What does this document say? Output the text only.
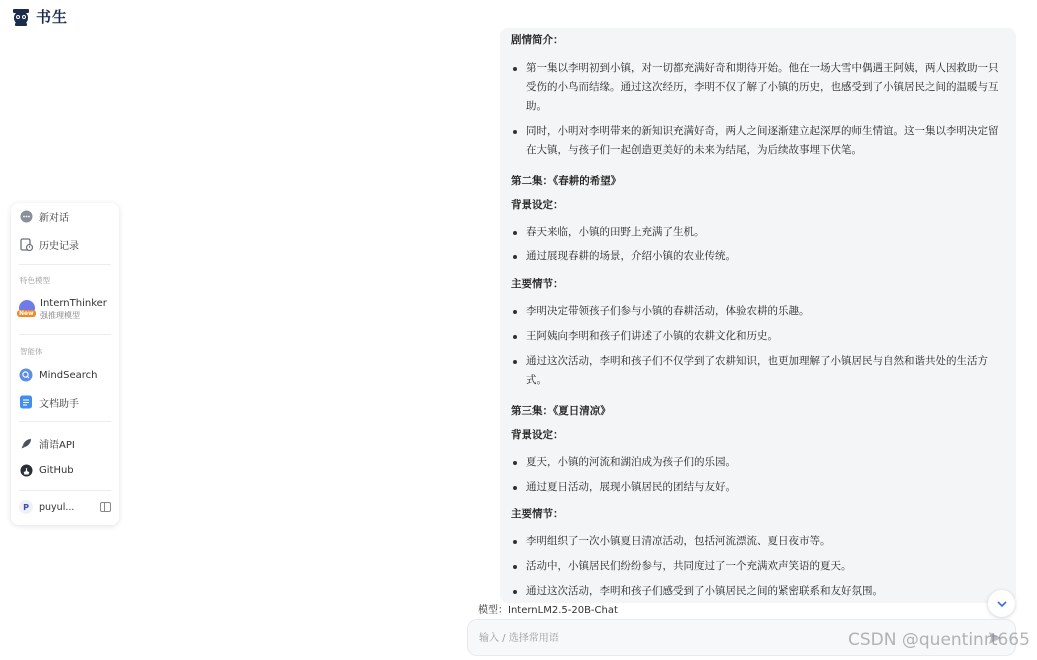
书生
新对话
历史记录
特色模型
New
InternThinker
强推理模型
智能体
MindSearch
文档助手
浦语API
GitHub
P	puyul...
剧情简介：
第一集以李明初到小镇，对一切都充满好奇和期待开始。他在一场大雪中偶遇王阿姨，两人因救助一只受伤的小鸟而结缘。通过这次经历，李明不仅了解了小镇的历史，也感受到了小镇居民之间的温暖与互助。
同时，小明对李明带来的新知识充满好奇，两人之间逐渐建立起深厚的师生情谊。这一集以李明决定留在大镇，与孩子们一起创造更美好的未来为结尾，为后续故事埋下伏笔。
第二集：《春耕的希望》
背景设定：
春天来临，小镇的田野上充满了生机。
通过展现春耕的场景，介绍小镇的农业传统。
主要情节：
李明决定带领孩子们参与小镇的春耕活动，体验农耕的乐趣。
王阿姨向李明和孩子们讲述了小镇的农耕文化和历史。
通过这次活动，李明和孩子们不仅学到了农耕知识，也更加理解了小镇居民与自然和谐共处的生活方式。
第三集：《夏日清凉》
背景设定：
夏天，小镇的河流和湖泊成为孩子们的乐园。
通过夏日活动，展现小镇居民的团结与友好。
主要情节：
李明组织了一次小镇夏日清凉活动，包括河流漂流、夏日夜市等。
活动中，小镇居民们纷纷参与，共同度过了一个充满欢声笑语的夏天。
通过这次活动，李明和孩子们感受到了小镇居民之间的紧密联系和友好氛围。
模型：InternLM2.5-20B-Chat
输入 / 选择常用语
CSDN @quentinrt665
